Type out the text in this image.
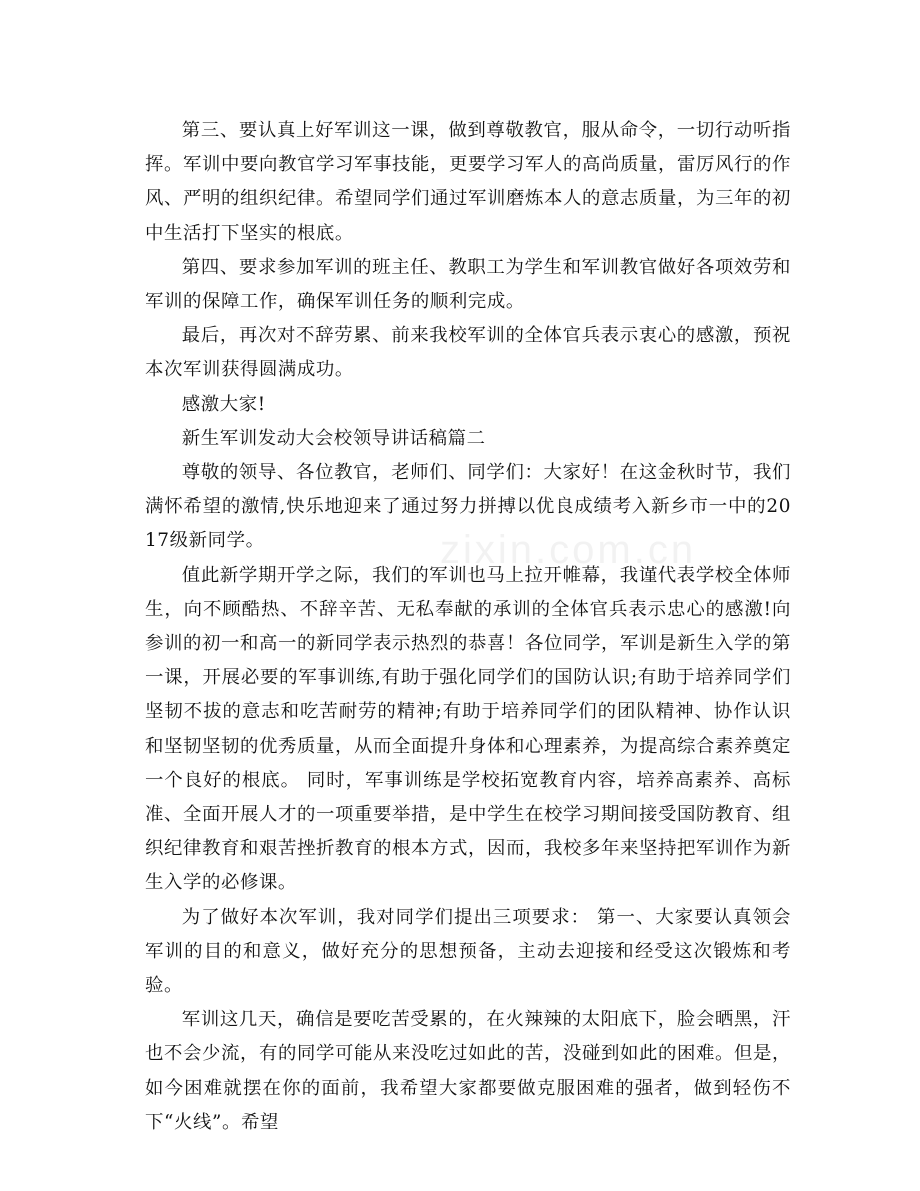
第三、要认真上好军训这一课，做到尊敬教官，服从命令，一切行动听指挥。军训中要向教官学习军事技能，更要学习军人的高尚质量，雷厉风行的作风、严明的组织纪律。希望同学们通过军训磨炼本人的意志质量，为三年的初中生活打下坚实的根底。

第四、要求参加军训的班主任、教职工为学生和军训教官做好各项效劳和军训的保障工作，确保军训任务的顺利完成。

最后，再次对不辞劳累、前来我校军训的全体官兵表示衷心的感激，预祝本次军训获得圆满成功。

感激大家!

新生军训发动大会校领导讲话稿篇二

尊敬的领导、各位教官，老师们、同学们：大家好！在这金秋时节，我们满怀希望的激情,快乐地迎来了通过努力拼搏以优良成绩考入新乡市一中的2017级新同学。

值此新学期开学之际，我们的军训也马上拉开帷幕，我谨代表学校全体师生，向不顾酷热、不辞辛苦、无私奉献的承训的全体官兵表示忠心的感激!向参训的初一和高一的新同学表示热烈的恭喜！各位同学，军训是新生入学的第一课，开展必要的军事训练,有助于强化同学们的国防认识;有助于培养同学们坚韧不拔的意志和吃苦耐劳的精神;有助于培养同学们的团队精神、协作认识和坚韧坚韧的优秀质量，从而全面提升身体和心理素养，为提高综合素养奠定一个良好的根底。 同时，军事训练是学校拓宽教育内容，培养高素养、高标准、全面开展人才的一项重要举措，是中学生在校学习期间接受国防教育、组织纪律教育和艰苦挫折教育的根本方式，因而，我校多年来坚持把军训作为新生入学的必修课。

为了做好本次军训，我对同学们提出三项要求： 第一、大家要认真领会军训的目的和意义，做好充分的思想预备，主动去迎接和经受这次锻炼和考验。

军训这几天，确信是要吃苦受累的，在火辣辣的太阳底下，脸会晒黑，汗也不会少流，有的同学可能从来没吃过如此的苦，没碰到如此的困难。但是，如今困难就摆在你的面前，我希望大家都要做克服困难的强者，做到轻伤不下“火线”。希望

zixin.com.cn
